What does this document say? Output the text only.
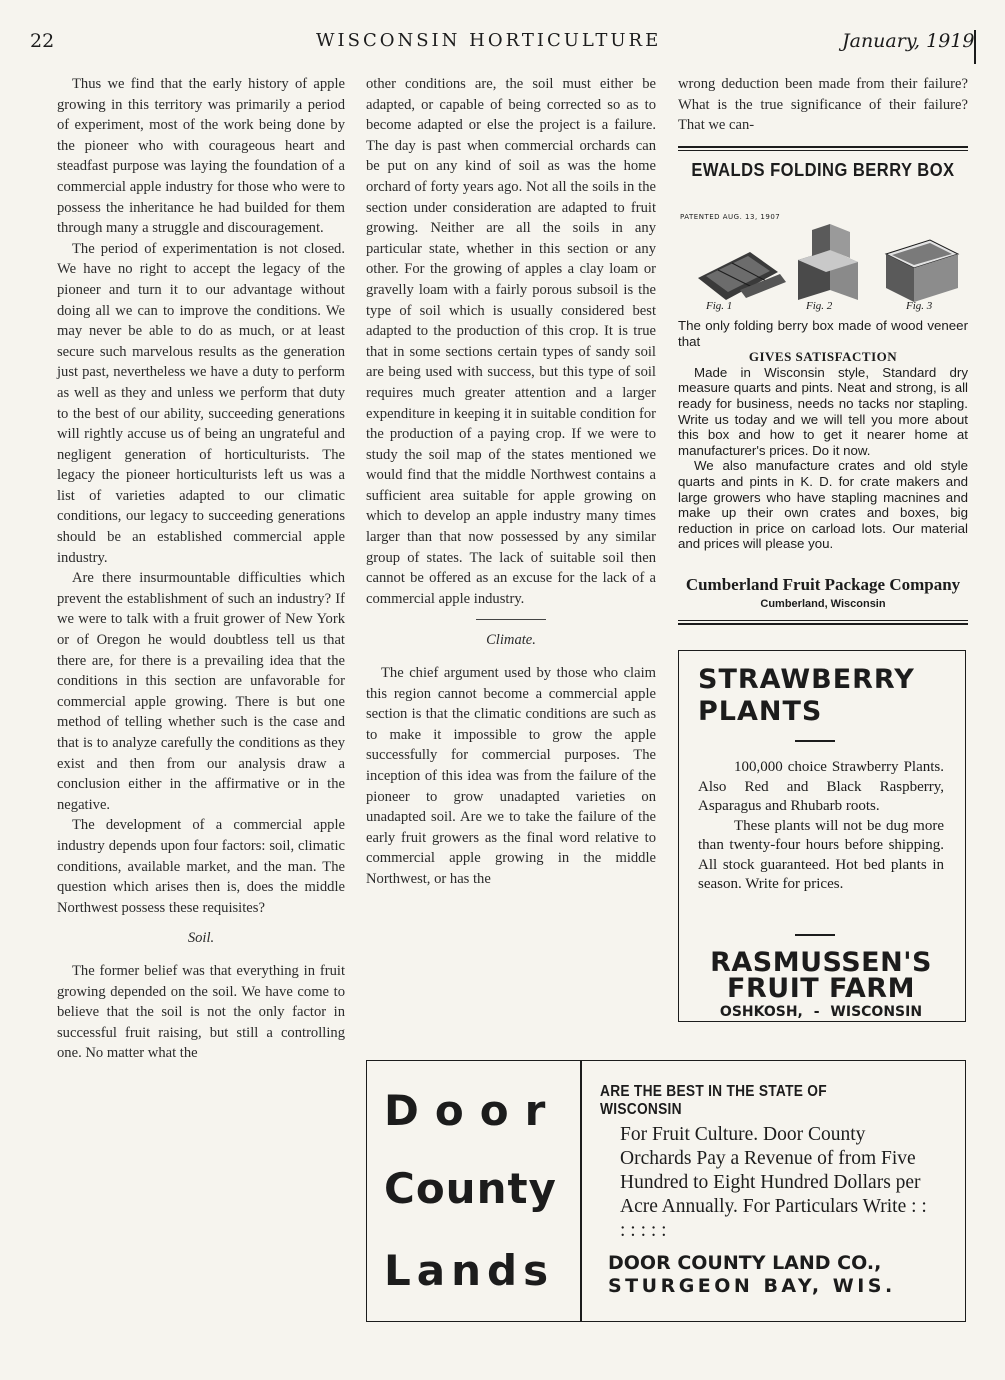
22	WISCONSIN HORTICULTURE	January, 1919

Thus we find that the early history of apple growing in this territory was primarily a period of experiment, most of the work being done by the pioneer who with courageous heart and steadfast purpose was laying the foundation of a commercial apple industry for those who were to possess the inheritance he had builded for them through many a struggle and discouragement.

The period of experimentation is not closed. We have no right to accept the legacy of the pioneer and turn it to our advantage without doing all we can to improve the conditions. We may never be able to do as much, or at least secure such marvelous results as the generation just past, nevertheless we have a duty to perform as well as they and unless we perform that duty to the best of our ability, succeeding generations will rightly accuse us of being an ungrateful and negligent generation of horticulturists. The legacy the pioneer horticulturists left us was a list of varieties adapted to our climatic conditions, our legacy to succeeding generations should be an established commercial apple industry.

Are there insurmountable difficulties which prevent the establishment of such an industry? If we were to talk with a fruit grower of New York or of Oregon he would doubtless tell us that there are, for there is a prevailing idea that the conditions in this section are unfavorable for commercial apple growing. There is but one method of telling whether such is the case and that is to analyze carefully the conditions as they exist and then from our analysis draw a conclusion either in the affirmative or in the negative.

The development of a commercial apple industry depends upon four factors: soil, climatic conditions, available market, and the man. The question which arises then is, does the middle Northwest possess these requisites?

Soil.

The former belief was that everything in fruit growing depended on the soil. We have come to believe that the soil is not the only factor in successful fruit raising, but still a controlling one. No matter what the

other conditions are, the soil must either be adapted, or capable of being corrected so as to become adapted or else the project is a failure. The day is past when commercial orchards can be put on any kind of soil as was the home orchard of forty years ago. Not all the soils in the section under consideration are adapted to fruit growing. Neither are all the soils in any particular state, whether in this section or any other. For the growing of apples a clay loam or gravelly loam with a fairly porous subsoil is the type of soil which is usually considered best adapted to the production of this crop. It is true that in some sections certain types of sandy soil are being used with success, but this type of soil requires much greater attention and a larger expenditure in keeping it in suitable condition for the production of a paying crop. If we were to study the soil map of the states mentioned we would find that the middle Northwest contains a sufficient area suitable for apple growing on which to develop an apple industry many times larger than that now possessed by any similar group of states. The lack of suitable soil then cannot be offered as an excuse for the lack of a commercial apple industry.

Climate.

The chief argument used by those who claim this region cannot become a commercial apple section is that the climatic conditions are such as to make it impossible to grow the apple successfully for commercial purposes. The inception of this idea was from the failure of the pioneer to grow unadapted varieties on unadapted soil. Are we to take the failure of the early fruit growers as the final word relative to commercial apple growing in the middle Northwest, or has the

wrong deduction been made from their failure? What is the true significance of their failure? That we can-

EWALDS FOLDING BERRY BOX
PATENTED AUG. 13, 1907
Fig. 1	Fig. 2	Fig. 3

The only folding berry box made of wood veneer that

GIVES SATISFACTION

Made in Wisconsin style, Standard dry measure quarts and pints. Neat and strong, is all ready for business, needs no tacks nor stapling. Write us today and we will tell you more about this box and how to get it nearer home at manufacturer's prices. Do it now.

We also manufacture crates and old style quarts and pints in K. D. for crate makers and large growers who have stapling macnines and make up their own crates and boxes, big reduction in price on carload lots. Our material and prices will please you.

Cumberland Fruit Package Company
Cumberland, Wisconsin
STRAWBERRY
PLANTS

100,000 choice Strawberry Plants. Also Red and Black Raspberry, Asparagus and Rhubarb roots.

These plants will not be dug more than twenty-four hours before shipping. All stock guaranteed. Hot bed plants in season. Write for prices.

RASMUSSEN'S
FRUIT FARM
OSHKOSH, - WISCONSIN
Door
County
Lands
ARE THE BEST IN THE STATE OF WISCONSIN
For Fruit Culture. Door County Orchards Pay a Revenue of from Five Hundred to Eight Hundred Dollars per Acre Annually. For Particulars Write : : : : : : :
DOOR COUNTY LAND CO.,
STURGEON BAY, WIS.
